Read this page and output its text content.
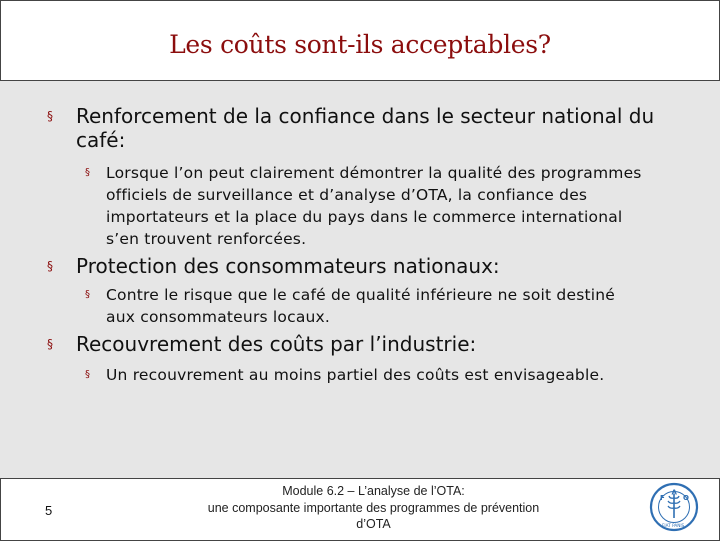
Les coûts sont-ils acceptables?
§	Renforcement de la confiance dans le secteur national du café:
§	Lorsque l’on peut clairement démontrer la qualité des programmes officiels de surveillance et d’analyse d’OTA, la confiance des importateurs et la place du pays dans le commerce international s’en trouvent renforcées.
§	Protection des consommateurs nationaux:
§	Contre le risque que le café de qualité inférieure ne soit destiné aux consommateurs locaux.
§	Recouvrement des coûts par l’industrie:
§	Un recouvrement au moins partiel des coûts est envisageable.
5
Module 6.2 – L’analyse de l’OTA:
une composante importante des programmes de prévention
d’OTA
F
A
O
FIAT PANIS
